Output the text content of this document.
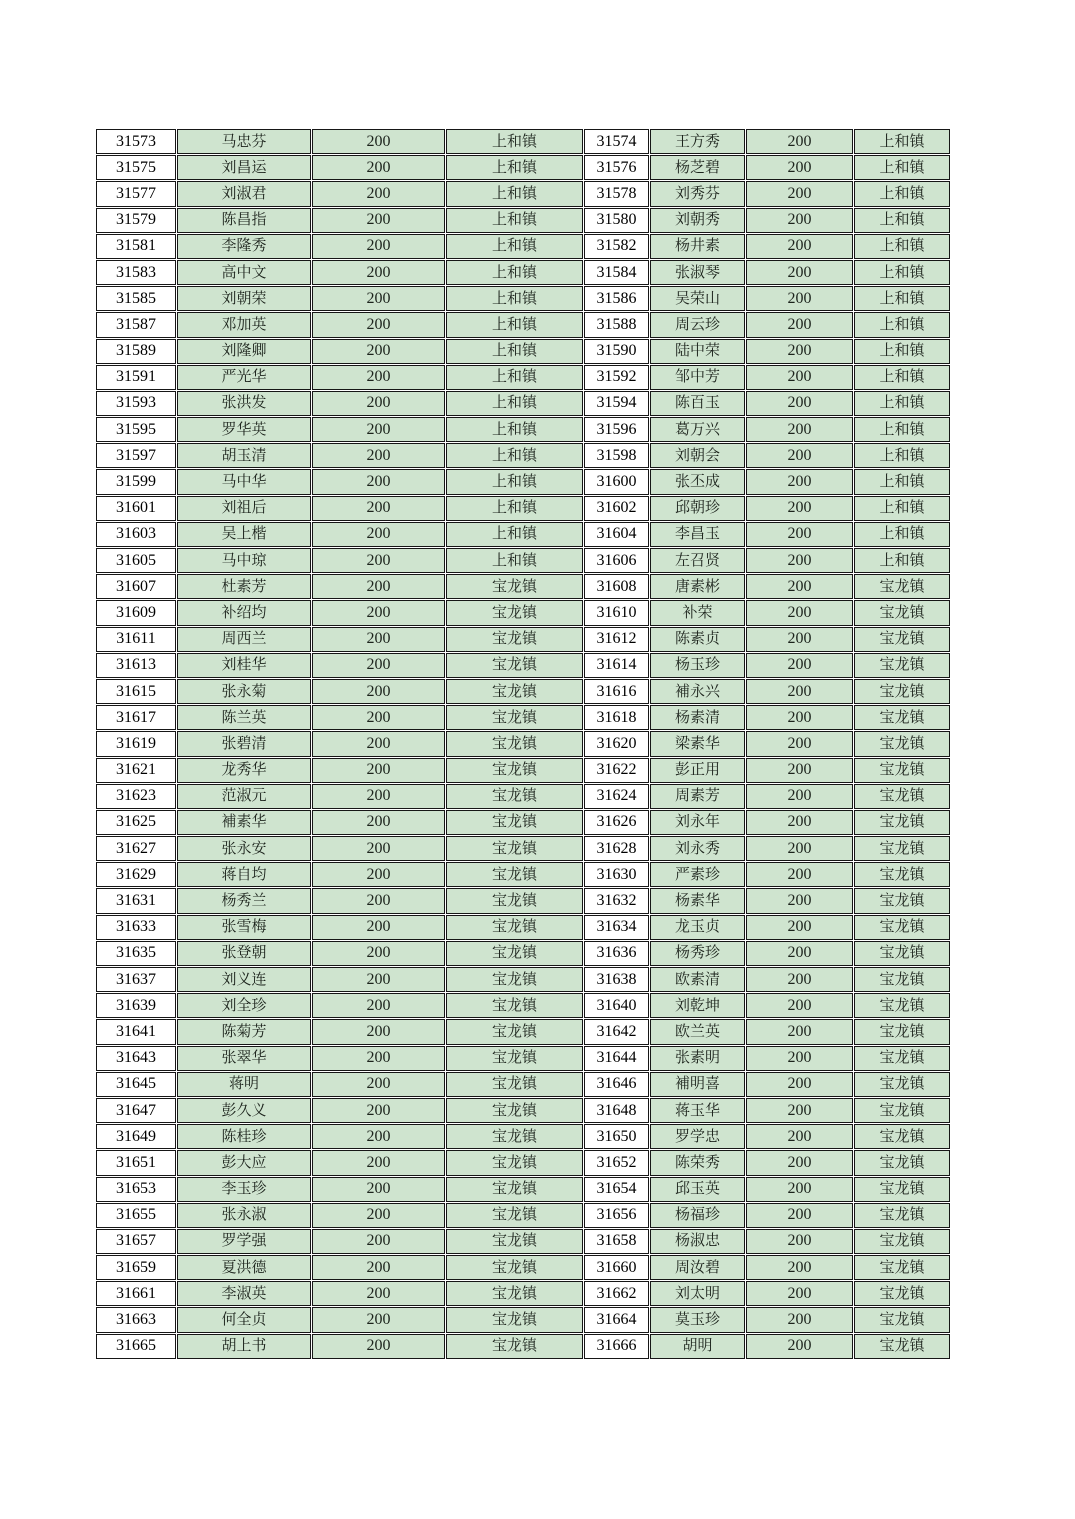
31573	马忠芬	200	上和镇	31574	王方秀	200	上和镇
31575	刘昌运	200	上和镇	31576	杨芝碧	200	上和镇
31577	刘淑君	200	上和镇	31578	刘秀芬	200	上和镇
31579	陈昌指	200	上和镇	31580	刘朝秀	200	上和镇
31581	李隆秀	200	上和镇	31582	杨井素	200	上和镇
31583	高中文	200	上和镇	31584	张淑琴	200	上和镇
31585	刘朝荣	200	上和镇	31586	吴荣山	200	上和镇
31587	邓加英	200	上和镇	31588	周云珍	200	上和镇
31589	刘隆卿	200	上和镇	31590	陆中荣	200	上和镇
31591	严光华	200	上和镇	31592	邹中芳	200	上和镇
31593	张洪发	200	上和镇	31594	陈百玉	200	上和镇
31595	罗华英	200	上和镇	31596	葛万兴	200	上和镇
31597	胡玉清	200	上和镇	31598	刘朝会	200	上和镇
31599	马中华	200	上和镇	31600	张丕成	200	上和镇
31601	刘祖后	200	上和镇	31602	邱朝珍	200	上和镇
31603	吴上楷	200	上和镇	31604	李昌玉	200	上和镇
31605	马中琼	200	上和镇	31606	左召贤	200	上和镇
31607	杜素芳	200	宝龙镇	31608	唐素彬	200	宝龙镇
31609	补绍均	200	宝龙镇	31610	补荣	200	宝龙镇
31611	周西兰	200	宝龙镇	31612	陈素贞	200	宝龙镇
31613	刘桂华	200	宝龙镇	31614	杨玉珍	200	宝龙镇
31615	张永菊	200	宝龙镇	31616	補永兴	200	宝龙镇
31617	陈兰英	200	宝龙镇	31618	杨素清	200	宝龙镇
31619	张碧清	200	宝龙镇	31620	梁素华	200	宝龙镇
31621	龙秀华	200	宝龙镇	31622	彭正用	200	宝龙镇
31623	范淑元	200	宝龙镇	31624	周素芳	200	宝龙镇
31625	補素华	200	宝龙镇	31626	刘永年	200	宝龙镇
31627	张永安	200	宝龙镇	31628	刘永秀	200	宝龙镇
31629	蒋自均	200	宝龙镇	31630	严素珍	200	宝龙镇
31631	杨秀兰	200	宝龙镇	31632	杨素华	200	宝龙镇
31633	张雪梅	200	宝龙镇	31634	龙玉贞	200	宝龙镇
31635	张登朝	200	宝龙镇	31636	杨秀珍	200	宝龙镇
31637	刘义连	200	宝龙镇	31638	欧素清	200	宝龙镇
31639	刘全珍	200	宝龙镇	31640	刘乾坤	200	宝龙镇
31641	陈菊芳	200	宝龙镇	31642	欧兰英	200	宝龙镇
31643	张翠华	200	宝龙镇	31644	张素明	200	宝龙镇
31645	蒋明	200	宝龙镇	31646	補明喜	200	宝龙镇
31647	彭久义	200	宝龙镇	31648	蒋玉华	200	宝龙镇
31649	陈桂珍	200	宝龙镇	31650	罗学忠	200	宝龙镇
31651	彭大应	200	宝龙镇	31652	陈荣秀	200	宝龙镇
31653	李玉珍	200	宝龙镇	31654	邱玉英	200	宝龙镇
31655	张永淑	200	宝龙镇	31656	杨福珍	200	宝龙镇
31657	罗学强	200	宝龙镇	31658	杨淑忠	200	宝龙镇
31659	夏洪德	200	宝龙镇	31660	周汝碧	200	宝龙镇
31661	李淑英	200	宝龙镇	31662	刘太明	200	宝龙镇
31663	何全贞	200	宝龙镇	31664	莫玉珍	200	宝龙镇
31665	胡上书	200	宝龙镇	31666	胡明	200	宝龙镇
